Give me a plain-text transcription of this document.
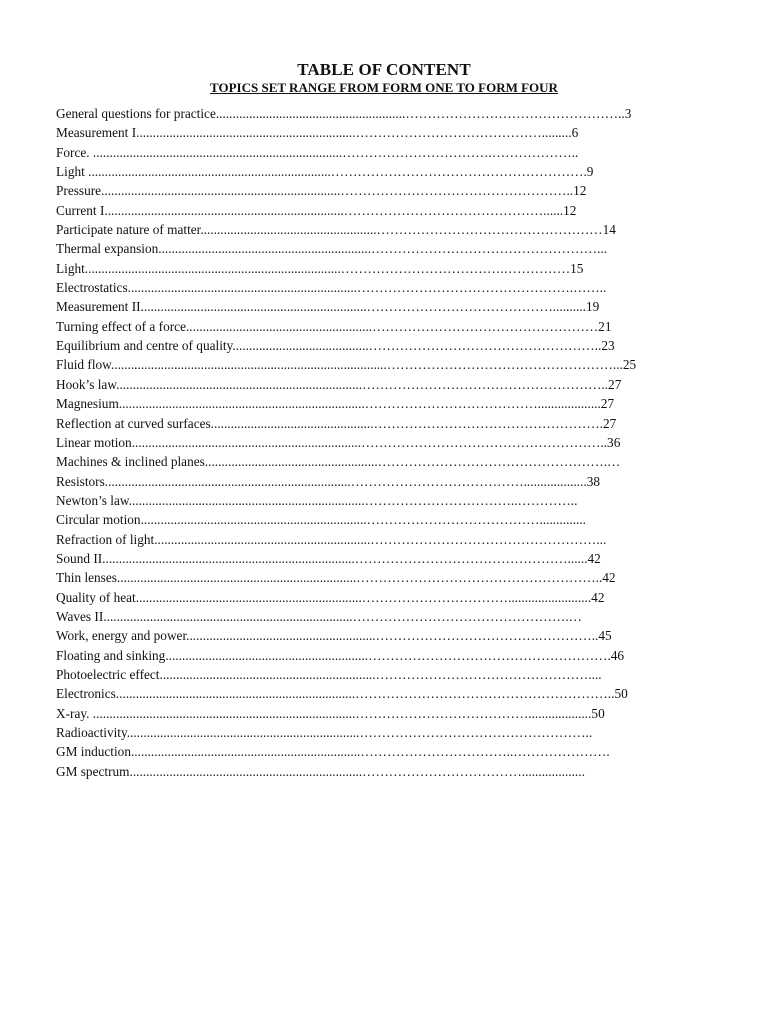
TABLE OF CONTENT
TOPICS SET RANGE FROM FORM ONE TO FORM FOUR
General questions for practice.........................................................…………………………………………..3
Measurement I..................................................................…………………………………….........6
Force. ...........................................................................…………………………….………………..
Light .........................................................................………………………………………………….9
Pressure........................................................................……………………………………………..12
Current I........................................................................………………………………………......12
Participate nature of matter.....................................................……………………………………………14
Thermal expansion................................................................……………………………………………...
Light.............................................................................……………………………….……………15
Electrostatics.....................................................................………………………………………….……..
Measurement II....................................................................……………………………………..........19
Turning effect of a force........................................................……………………………………………21
Equilibrium and centre of quality.........................................……………………………………………..23
Fluid flow...................................................................................……………………………………………...25
Hook’s law..........................................................................………………………………………………..27
Magnesium..........................................................................…………………………………...................27
Reflection at curved surfaces.................................................…………………………………………….27
Linear motion.....................................................................………………………………………………..36
Machines & inclined planes....................................................…………………………………………….…
Resistors..........................................................................…………………………………...................38
Newton’s law.......................................................................……………………………..…………..
Circular motion....................................................................…………………………………..............
Refraction of light.................................................................……………………………………………...
Sound II............................................................................…………………………………………......42
Thin lenses........................................................................………………………………………………..42
Quality of heat....................................................................…………………………….........................42
Waves II...........................................................................………………………………………….…
Work, energy and power.........................................................……………………………….…………..45
Floating and sinking.............................................................……………………………………………….46
Photoelectric effect.................................................................…………………………………………....
Electronics........................................................................…………………………………………………..50
X-ray. ...............................................................................…………………………………...................50
Radioactivity......................................................................……………………………………………..
GM induction.....................................................................……………………………..………………….
GM spectrum......................................................................………………………………...................
